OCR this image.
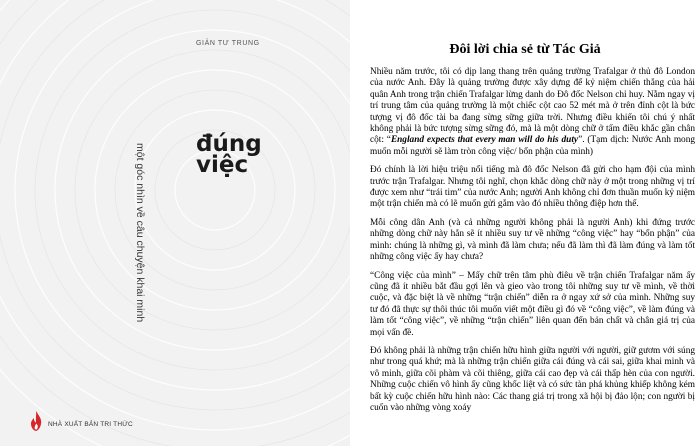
GIẢN TƯ TRUNG
đúng
việc
một góc nhìn về câu chuyện khai minh
NHÀ XUẤT BẢN TRI THỨC
Đôi lời chia sẻ từ Tác Giả

Nhiều năm trước, tôi có dịp lang thang trên quảng trường Trafalgar ở thủ đô London của nước Anh. Đây là quảng trường được xây dựng để kỷ niệm chiến thắng của hải quân Anh trong trận chiến Trafalgar lừng danh do Đô đốc Nelson chỉ huy. Nằm ngay vị trí trung tâm của quảng trường là một chiếc cột cao 52 mét mà ở trên đỉnh cột là bức tượng vị đô đốc tài ba đang sừng sững giữa trời. Nhưng điều khiến tôi chú ý nhất không phải là bức tượng sừng sững đó, mà là một dòng chữ ở tấm điều khắc gần chân cột: “England expects that every man will do his duty”. (Tạm dịch: Nước Anh mong muốn mỗi người sẽ làm tròn công việc/ bổn phận của mình)

Đó chính là lời hiệu triệu nổi tiếng mà đô đốc Nelson đã gửi cho hạm đội của mình trước trận Trafalgar. Nhưng tôi nghĩ, chọn khắc dòng chữ này ở một trong những vị trí được xem như “trái tim” của nước Anh; người Anh không chỉ đơn thuần muốn kỷ niệm một trận chiến mà có lẽ muốn gửi gắm vào đó nhiều thông điệp hơn thế.

Mỗi công dân Anh (và cả những người không phải là người Anh) khi đứng trước những dòng chữ này hẳn sẽ ít nhiều suy tư về những “công việc” hay “bổn phận” của mình: chúng là những gì, và mình đã làm chưa; nếu đã làm thì đã làm đúng và làm tốt những công việc ấy hay chưa?

“Công việc của mình” – Mấy chữ trên tâm phù điêu về trận chiến Trafalgar năm ấy cũng đã ít nhiều bắt đầu gợi lên và gieo vào trong tôi những suy tư về mình, về thời cuộc, và đặc biệt là về những “trận chiến” diễn ra ở ngay xứ sở của mình. Những suy tư đó đã thực sự thôi thúc tôi muốn viết một điều gì đó về “công việc”, về làm đúng và làm tốt “công việc”, về những “trận chiến” liên quan đến bản chất và chân giá trị của mọi vấn đề.

Đó không phải là những trận chiến hữu hình giữa người với người, giữ gươm với súng như trong quá khứ; mà là những trận chiến giữa cái đúng và cái sai, giữa khai minh và vô minh, giữa cõi phàm và cõi thiêng, giữa cái cao đẹp và cái thấp hèn của con người. Những cuộc chiến vô hình ấy cũng khốc liệt và có sức tàn phá khủng khiếp không kém bất kỳ cuộc chiến hữu hình nào: Các thang giá trị trong xã hội bị đảo lộn; con người bị cuốn vào những vòng xoáy
